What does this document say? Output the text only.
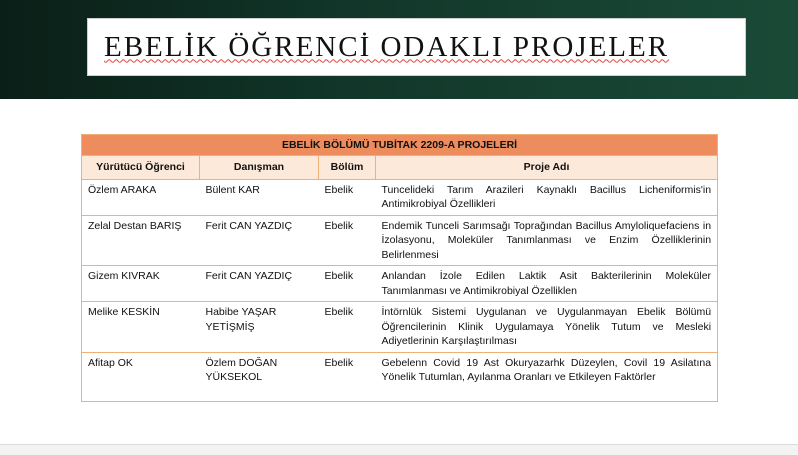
EBELİK ÖĞRENCİ ODAKLI PROJELER
EBELİK BÖLÜMÜ TUBİTAK 2209-A PROJELERİ			
Yürütücü Öğrenci	Danışman	Bölüm	Proje Adı
Özlem ARAKA	Bülent KAR	Ebelik	Tuncelideki Tarım Arazileri Kaynaklı Bacillus Licheniformis'in Antimikrobiyal Özellikleri
Zelal Destan BARIŞ	Ferit CAN YAZDIÇ	Ebelik	Endemik Tunceli Sarımsağı Toprağından Bacillus Amyloliquefaciens in İzolasyonu, Moleküler Tanımlanması ve Enzim Özelliklerinin Belirlenmesi
Gizem KIVRAK	Ferit CAN YAZDIÇ	Ebelik	Anlandan İzole Edilen Laktik Asit Bakterilerinin Moleküler Tanımlanması ve Antimikrobiyal Özelliklen
Melike KESKİN	Habibe YAŞAR YETİŞMİŞ	Ebelik	İntörnlük Sistemi Uygulanan ve Uygulanmayan Ebelik Bölümü Öğrencilerinin Klinik Uygulamaya Yönelik Tutum ve Mesleki Adiyetlerinin Karşılaştırılması
Afitap OK	Özlem DOĞAN YÜKSEKOL	Ebelik	Gebelenn Covid 19 Ast Okuryazarhk Düzeylen, Covil 19 Asilatına Yönelik Tutumlan, Ayılanma Oranları ve Etkileyen Faktörler
